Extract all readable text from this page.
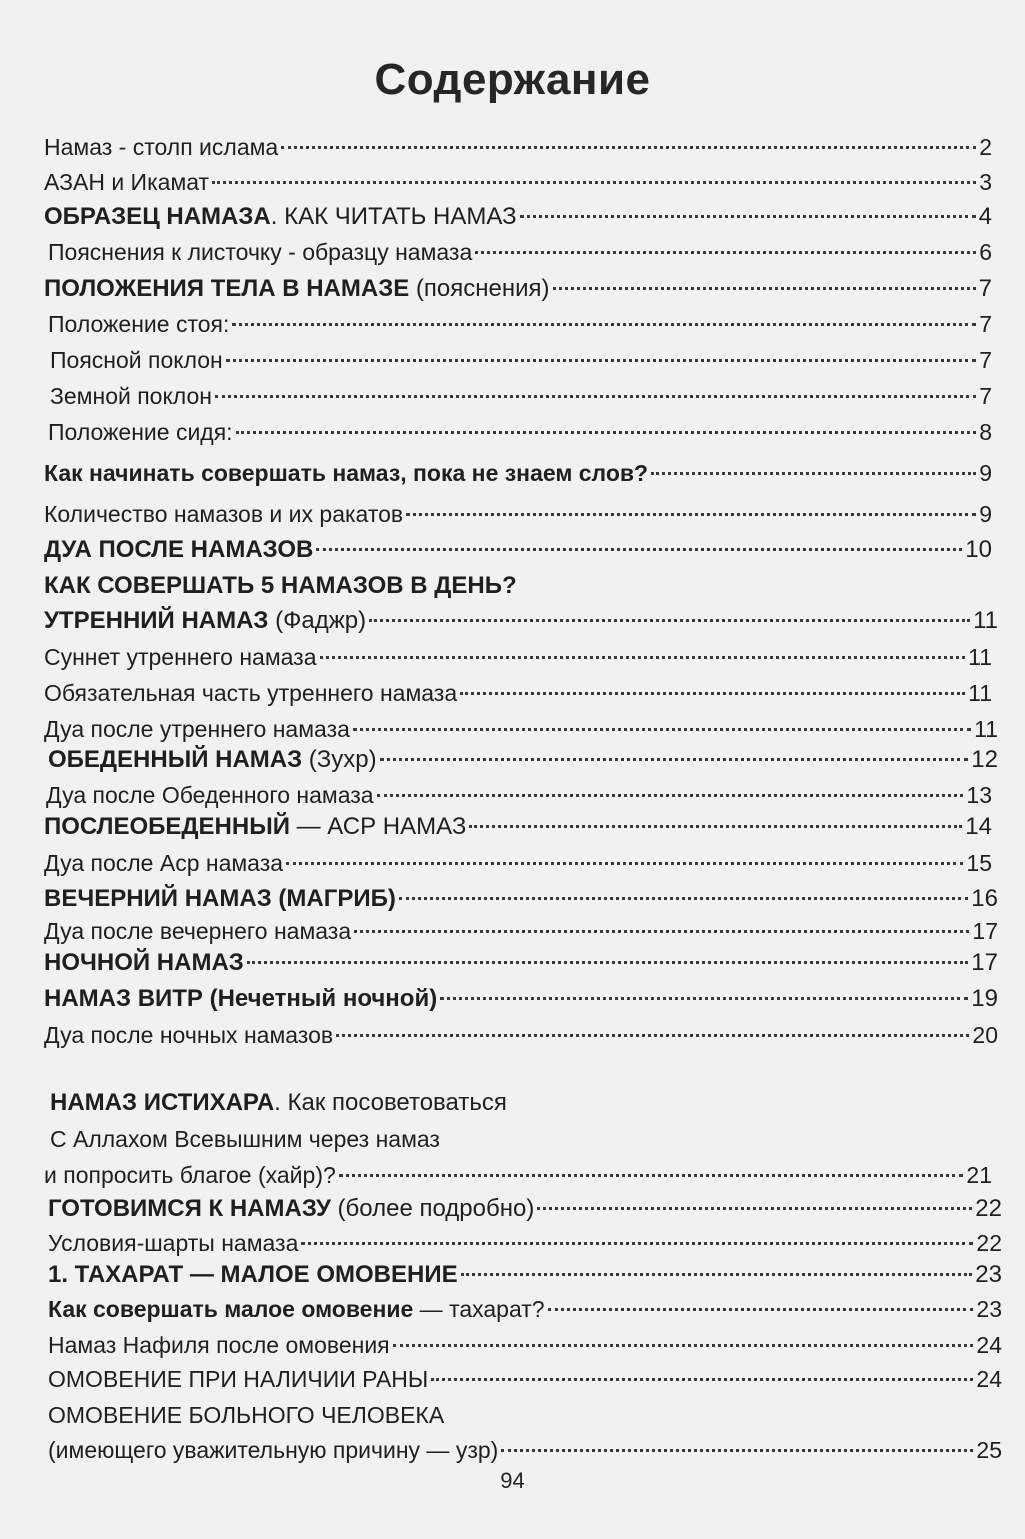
Содержание
Намаз - столп ислама	2
АЗАН и Икамат	3
ОБРАЗЕЦ НАМАЗА. КАК ЧИТАТЬ НАМАЗ	4
Пояснения к листочку - образцу намаза	6
ПОЛОЖЕНИЯ ТЕЛА В НАМАЗЕ (пояснения)	7
Положение стоя:	7
Поясной поклон	7
Земной поклон	7
Положение сидя:	8
Как начинать совершать намаз, пока не знаем слов?	9
Количество намазов и их ракатов	9
ДУА ПОСЛЕ НАМАЗОВ	10
КАК СОВЕРШАТЬ 5 НАМАЗОВ В ДЕНЬ?
УТРЕННИЙ НАМАЗ (Фаджр)	11
Суннет утреннего намаза	11
Обязательная часть утреннего намаза	11
Дуа после утреннего намаза	11
ОБЕДЕННЫЙ НАМАЗ (Зухр)	12
Дуа после Обеденного намаза	13
ПОСЛЕОБЕДЕННЫЙ — АСР НАМАЗ	14
Дуа после Аср намаза	15
ВЕЧЕРНИЙ НАМАЗ (МАГРИБ)	16
Дуа после вечернего намаза	17
НОЧНОЙ НАМАЗ	17
НАМАЗ ВИТР (Нечетный ночной)	19
Дуа после ночных намазов	20
НАМАЗ ИСТИХАРА. Как посоветоваться
С Аллахом Всевышним через намаз
и попросить благое (хайр)?	21
ГОТОВИМСЯ К НАМАЗУ (более подробно)	22
Условия-шарты намаза	22
1. ТАХАРАТ — МАЛОЕ ОМОВЕНИЕ	23
Как совершать малое омовение — тахарат?	23
Намаз Нафиля после омовения	24
ОМОВЕНИЕ ПРИ НАЛИЧИИ РАНЫ	24
ОМОВЕНИЕ БОЛЬНОГО ЧЕЛОВЕКА
(имеющего уважительную причину — узр)	25
94
